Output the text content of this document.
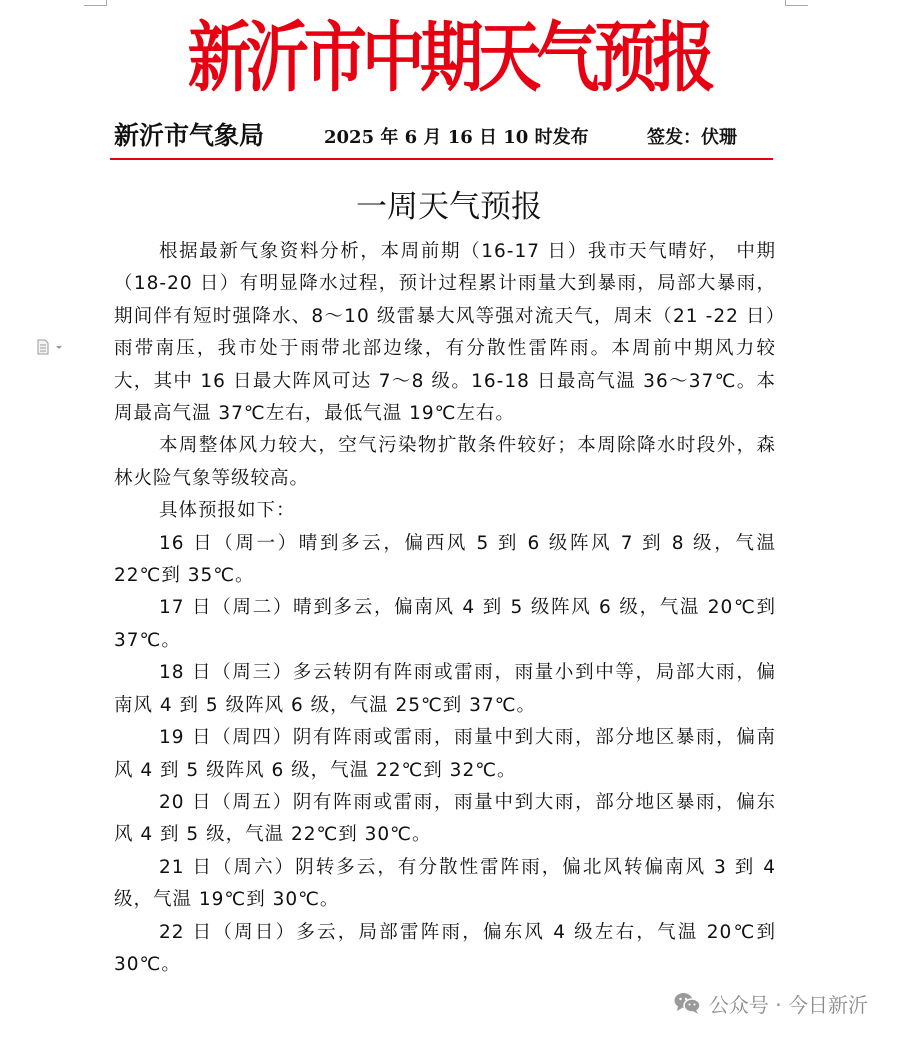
新沂市中期天气预报
新沂市气象局	2025 年 6 月 16 日 10 时发布	签发：伏珊
一周天气预报

根据最新气象资料分析，本周前期（16-17 日）我市天气晴好， 中期（18-20 日）有明显降水过程，预计过程累计雨量大到暴雨，局部大暴雨，期间伴有短时强降水、8～10 级雷暴大风等强对流天气，周末（21 -22 日）雨带南压，我市处于雨带北部边缘，有分散性雷阵雨。本周前中期风力较大，其中 16 日最大阵风可达 7～8 级。16-18 日最高气温 36～37℃。本周最高气温 37℃左右，最低气温 19℃左右。

本周整体风力较大，空气污染物扩散条件较好；本周除降水时段外，森林火险气象等级较高。

具体预报如下：

16 日（周一）晴到多云，偏西风 5 到 6 级阵风 7 到 8 级，气温 22℃到 35℃。

17 日（周二）晴到多云，偏南风 4 到 5 级阵风 6 级，气温 20℃到 37℃。

18 日（周三）多云转阴有阵雨或雷雨，雨量小到中等，局部大雨，偏南风 4 到 5 级阵风 6 级，气温 25℃到 37℃。

19 日（周四）阴有阵雨或雷雨，雨量中到大雨，部分地区暴雨，偏南风 4 到 5 级阵风 6 级，气温 22℃到 32℃。

20 日（周五）阴有阵雨或雷雨，雨量中到大雨，部分地区暴雨，偏东风 4 到 5 级，气温 22℃到 30℃。

21 日（周六）阴转多云，有分散性雷阵雨，偏北风转偏南风 3 到 4 级，气温 19℃到 30℃。

22 日（周日）多云，局部雷阵雨，偏东风 4 级左右，气温 20℃到 30℃。

公众号 · 今日新沂
